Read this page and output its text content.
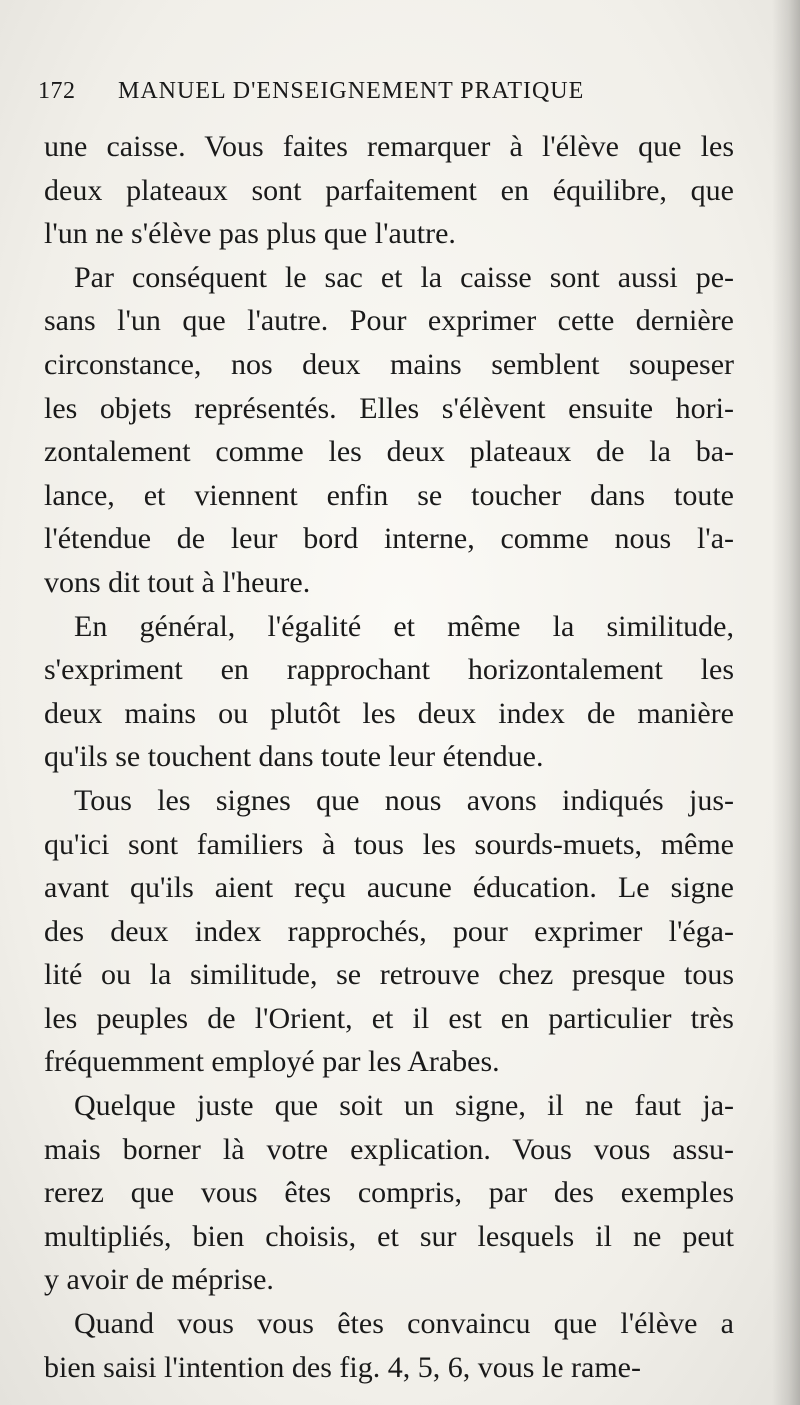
172 MANUEL D'ENSEIGNEMENT PRATIQUE
une caisse. Vous faites remarquer à l'élève que les
deux plateaux sont parfaitement en équilibre, que
l'un ne s'élève pas plus que l'autre.
Par conséquent le sac et la caisse sont aussi pe-
sans l'un que l'autre. Pour exprimer cette dernière
circonstance, nos deux mains semblent soupeser
les objets représentés. Elles s'élèvent ensuite hori-
zontalement comme les deux plateaux de la ba-
lance, et viennent enfin se toucher dans toute
l'étendue de leur bord interne, comme nous l'a-
vons dit tout à l'heure.
En général, l'égalité et même la similitude,
s'expriment en rapprochant horizontalement les
deux mains ou plutôt les deux index de manière
qu'ils se touchent dans toute leur étendue.
Tous les signes que nous avons indiqués jus-
qu'ici sont familiers à tous les sourds-muets, même
avant qu'ils aient reçu aucune éducation. Le signe
des deux index rapprochés, pour exprimer l'éga-
lité ou la similitude, se retrouve chez presque tous
les peuples de l'Orient, et il est en particulier très
fréquemment employé par les Arabes.
Quelque juste que soit un signe, il ne faut ja-
mais borner là votre explication. Vous vous assu-
rerez que vous êtes compris, par des exemples
multipliés, bien choisis, et sur lesquels il ne peut
y avoir de méprise.
Quand vous vous êtes convaincu que l'élève a
bien saisi l'intention des fig. 4, 5, 6, vous le rame-
